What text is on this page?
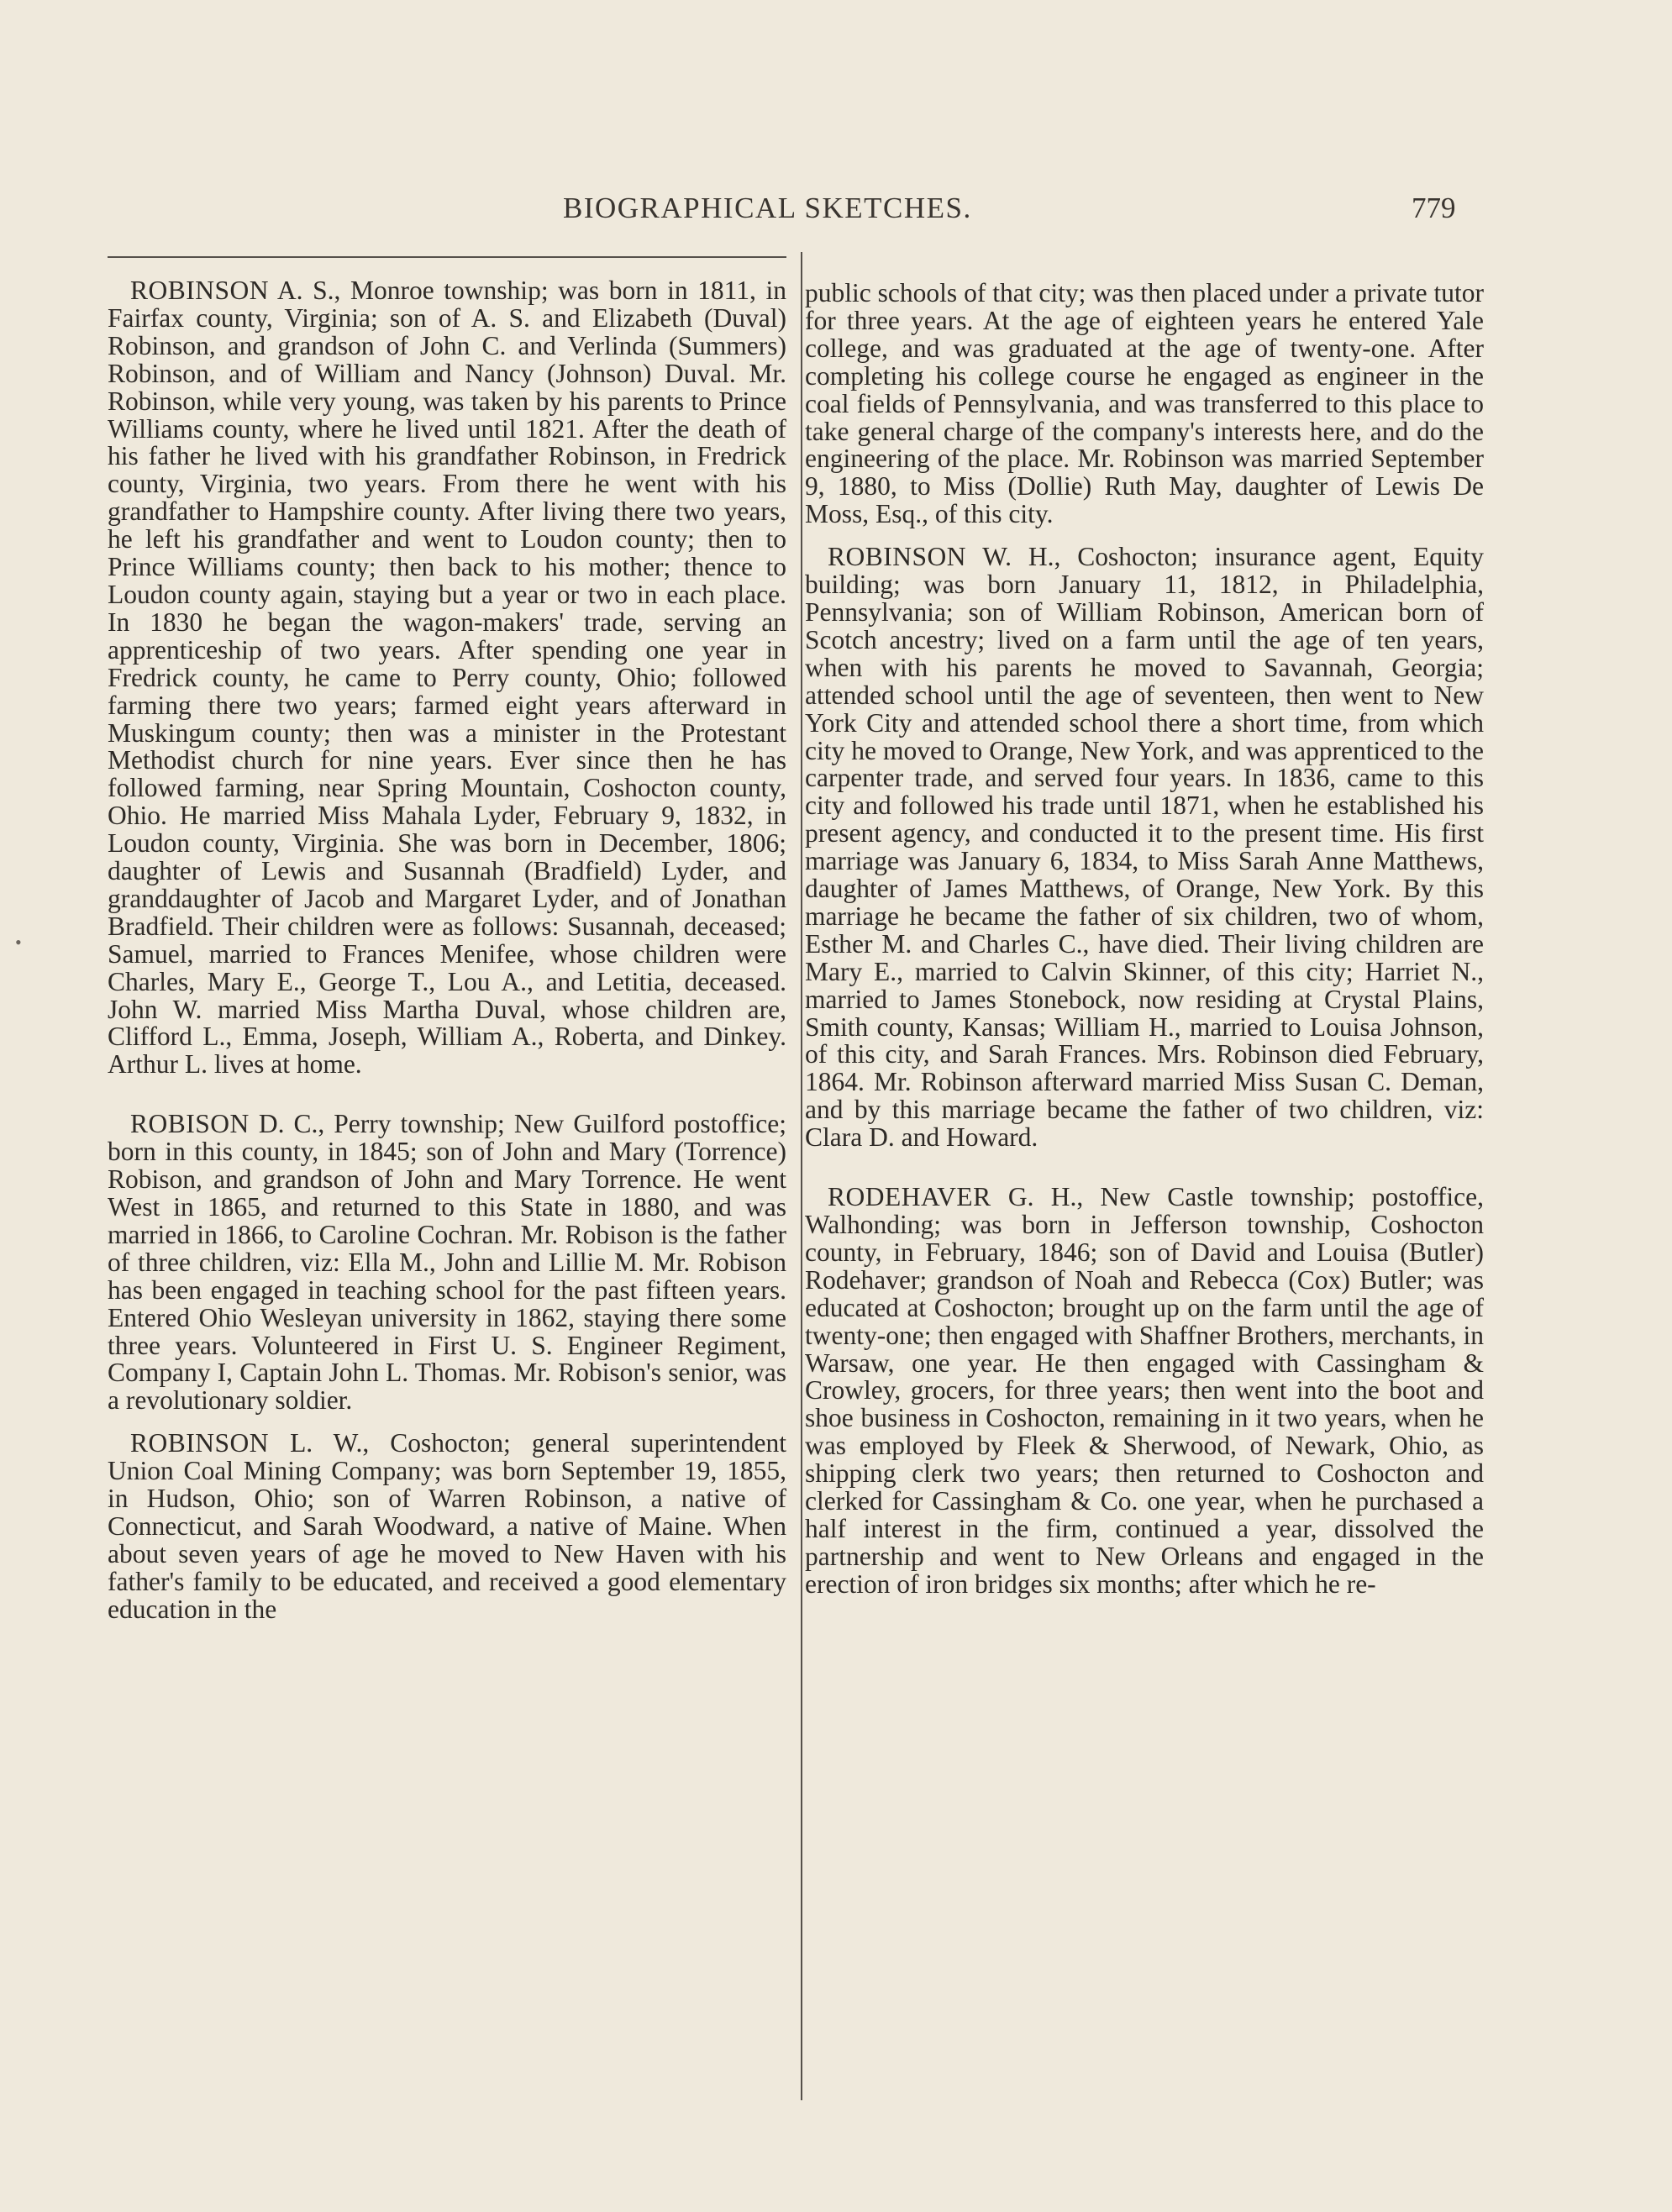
BIOGRAPHICAL SKETCHES.	779
•

ROBINSON A. S., Monroe township; was born in 1811, in Fairfax county, Virginia; son of A. S. and Elizabeth (Duval) Robinson, and grandson of John C. and Verlinda (Summers) Robinson, and of William and Nancy (Johnson) Duval. Mr. Robinson, while very young, was taken by his parents to Prince Williams county, where he lived until 1821. After the death of his father he lived with his grandfather Robinson, in Fredrick county, Virginia, two years. From there he went with his grandfather to Hampshire county. After living there two years, he left his grandfather and went to Loudon county; then to Prince Williams county; then back to his mother; thence to Loudon county again, staying but a year or two in each place. In 1830 he began the wagon-makers' trade, serving an apprenticeship of two years. After spending one year in Fredrick county, he came to Perry county, Ohio; followed farming there two years; farmed eight years afterward in Muskingum county; then was a minister in the Protestant Methodist church for nine years. Ever since then he has followed farming, near Spring Mountain, Coshocton county, Ohio. He married Miss Mahala Lyder, February 9, 1832, in Loudon county, Virginia. She was born in December, 1806; daughter of Lewis and Susannah (Bradfield) Lyder, and granddaughter of Jacob and Margaret Lyder, and of Jonathan Bradfield. Their children were as follows: Susannah, deceased; Samuel, married to Frances Menifee, whose children were Charles, Mary E., George T., Lou A., and Letitia, deceased. John W. married Miss Martha Duval, whose children are, Clifford L., Emma, Joseph, William A., Roberta, and Dinkey. Arthur L. lives at home.

ROBISON D. C., Perry township; New Guilford postoffice; born in this county, in 1845; son of John and Mary (Torrence) Robison, and grandson of John and Mary Torrence. He went West in 1865, and returned to this State in 1880, and was married in 1866, to Caroline Cochran. Mr. Robison is the father of three children, viz: Ella M., John and Lillie M. Mr. Robison has been engaged in teaching school for the past fifteen years. Entered Ohio Wesleyan university in 1862, staying there some three years. Volunteered in First U. S. Engineer Regiment, Company I, Captain John L. Thomas. Mr. Robison's senior, was a revolutionary soldier.

ROBINSON L. W., Coshocton; general superintendent Union Coal Mining Company; was born September 19, 1855, in Hudson, Ohio; son of Warren Robinson, a native of Connecticut, and Sarah Woodward, a native of Maine. When about seven years of age he moved to New Haven with his father's family to be educated, and received a good elementary education in the

public schools of that city; was then placed under a private tutor for three years. At the age of eighteen years he entered Yale college, and was graduated at the age of twenty-one. After completing his college course he engaged as engineer in the coal fields of Pennsylvania, and was transferred to this place to take general charge of the company's interests here, and do the engineering of the place. Mr. Robinson was married September 9, 1880, to Miss (Dollie) Ruth May, daughter of Lewis De Moss, Esq., of this city.

ROBINSON W. H., Coshocton; insurance agent, Equity building; was born January 11, 1812, in Philadelphia, Pennsylvania; son of William Robinson, American born of Scotch ancestry; lived on a farm until the age of ten years, when with his parents he moved to Savannah, Georgia; attended school until the age of seventeen, then went to New York City and attended school there a short time, from which city he moved to Orange, New York, and was apprenticed to the carpenter trade, and served four years. In 1836, came to this city and followed his trade until 1871, when he established his present agency, and conducted it to the present time. His first marriage was January 6, 1834, to Miss Sarah Anne Matthews, daughter of James Matthews, of Orange, New York. By this marriage he became the father of six children, two of whom, Esther M. and Charles C., have died. Their living children are Mary E., married to Calvin Skinner, of this city; Harriet N., married to James Stonebock, now residing at Crystal Plains, Smith county, Kansas; William H., married to Louisa Johnson, of this city, and Sarah Frances. Mrs. Robinson died February, 1864. Mr. Robinson afterward married Miss Susan C. Deman, and by this marriage became the father of two children, viz: Clara D. and Howard.

RODEHAVER G. H., New Castle township; postoffice, Walhonding; was born in Jefferson township, Coshocton county, in February, 1846; son of David and Louisa (Butler) Rodehaver; grandson of Noah and Rebecca (Cox) Butler; was educated at Coshocton; brought up on the farm until the age of twenty-one; then engaged with Shaffner Brothers, merchants, in Warsaw, one year. He then engaged with Cassingham & Crowley, grocers, for three years; then went into the boot and shoe business in Coshocton, remaining in it two years, when he was employed by Fleek & Sherwood, of Newark, Ohio, as shipping clerk two years; then returned to Coshocton and clerked for Cassingham & Co. one year, when he purchased a half interest in the firm, continued a year, dissolved the partnership and went to New Orleans and engaged in the erection of iron bridges six months; after which he re-
